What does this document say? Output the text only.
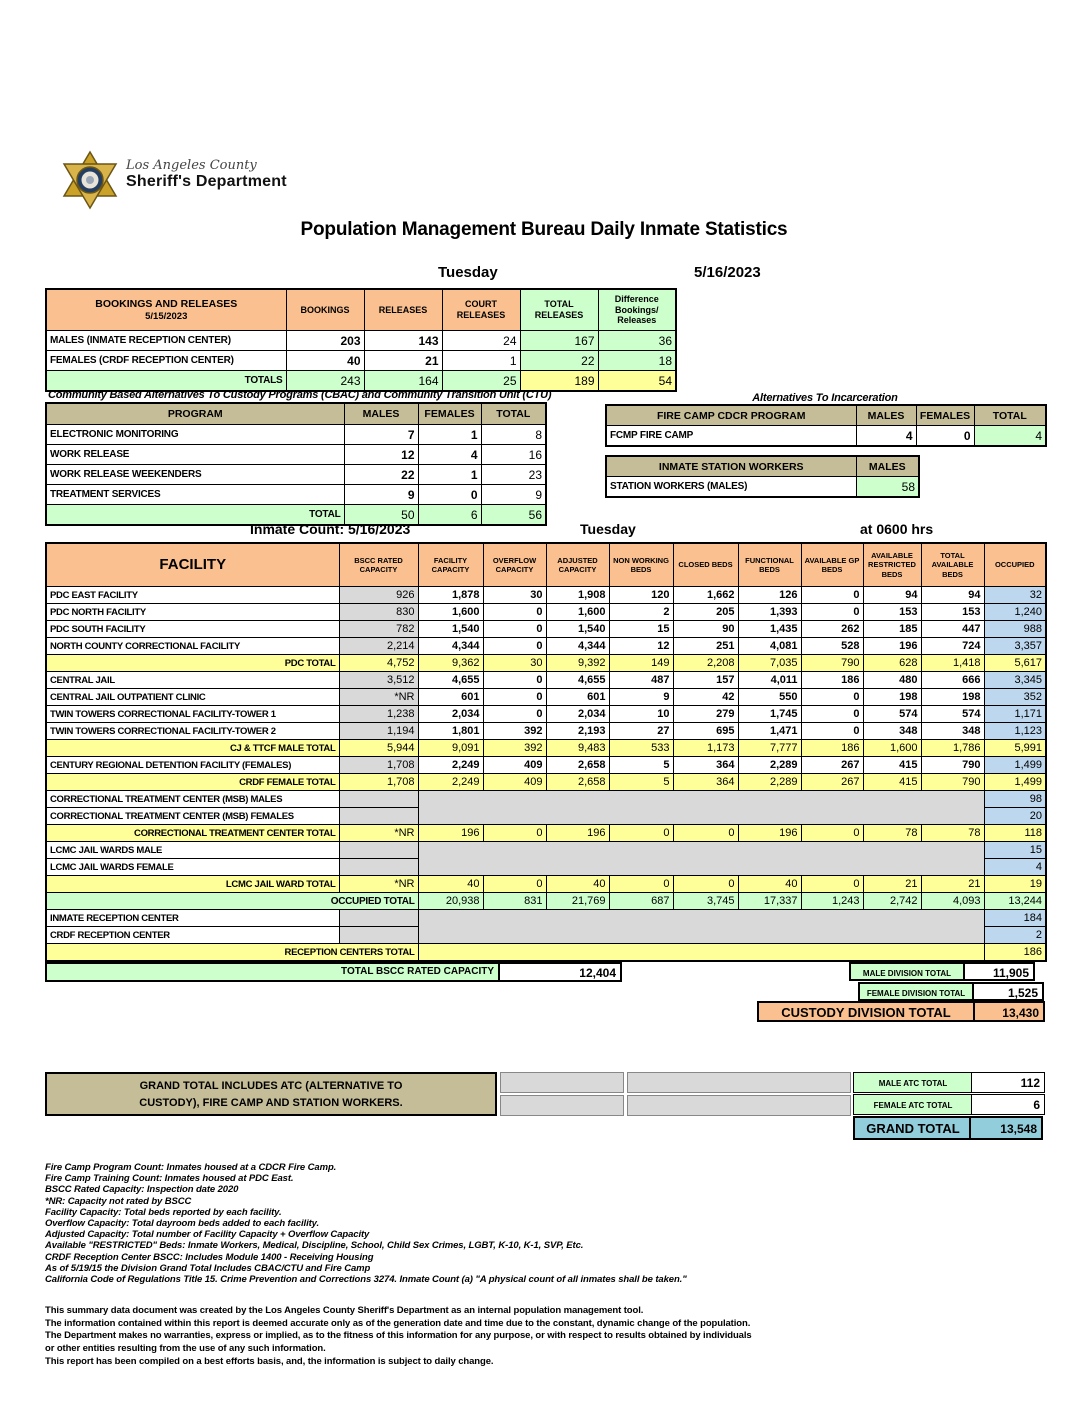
Los Angeles County
Sheriff's Department
Population Management Bureau Daily Inmate Statistics
Tuesday	5/16/2023
BOOKINGS AND RELEASES
5/15/2023	BOOKINGS	RELEASES	COURT RELEASES	TOTAL RELEASES	Difference Bookings/ Releases
MALES (INMATE RECEPTION CENTER)	203	143	24	167	36
FEMALES (CRDF RECEPTION CENTER)	40	21	1	22	18
TOTALS	243	164	25	189	54
Community Based Alternatives To Custody Programs (CBAC) and Community Transition Unit (CTU)
PROGRAM	MALES	FEMALES	TOTAL
ELECTRONIC MONITORING	7	1	8
WORK RELEASE	12	4	16
WORK RELEASE WEEKENDERS	22	1	23
TREATMENT SERVICES	9	0	9
TOTAL	50	6	56
Alternatives To Incarceration
FIRE CAMP CDCR PROGRAM	MALES	FEMALES	TOTAL
FCMP FIRE CAMP	4	0	4
INMATE STATION WORKERS	MALES
STATION WORKERS (MALES)	58
Inmate Count: 5/16/2023	Tuesday	at 0600 hrs
FACILITY	BSCC RATED CAPACITY	FACILITY CAPACITY	OVERFLOW CAPACITY	ADJUSTED CAPACITY	NON WORKING BEDS	CLOSED BEDS	FUNCTIONAL BEDS	AVAILABLE GP BEDS	AVAILABLE RESTRICTED BEDS	TOTAL AVAILABLE BEDS	OCCUPIED
PDC EAST FACILITY	926	1,878	30	1,908	120	1,662	126	0	94	94	32
PDC NORTH FACILITY	830	1,600	0	1,600	2	205	1,393	0	153	153	1,240
PDC SOUTH FACILITY	782	1,540	0	1,540	15	90	1,435	262	185	447	988
NORTH COUNTY CORRECTIONAL FACILITY	2,214	4,344	0	4,344	12	251	4,081	528	196	724	3,357
PDC TOTAL	4,752	9,362	30	9,392	149	2,208	7,035	790	628	1,418	5,617
CENTRAL JAIL	3,512	4,655	0	4,655	487	157	4,011	186	480	666	3,345
CENTRAL JAIL OUTPATIENT CLINIC	*NR	601	0	601	9	42	550	0	198	198	352
TWIN TOWERS CORRECTIONAL FACILITY-TOWER 1	1,238	2,034	0	2,034	10	279	1,745	0	574	574	1,171
TWIN TOWERS CORRECTIONAL FACILITY-TOWER 2	1,194	1,801	392	2,193	27	695	1,471	0	348	348	1,123
CJ & TTCF MALE TOTAL	5,944	9,091	392	9,483	533	1,173	7,777	186	1,600	1,786	5,991
CENTURY REGIONAL DETENTION FACILITY (FEMALES)	1,708	2,249	409	2,658	5	364	2,289	267	415	790	1,499
CRDF FEMALE TOTAL	1,708	2,249	409	2,658	5	364	2,289	267	415	790	1,499
CORRECTIONAL TREATMENT CENTER (MSB) MALES											98
CORRECTIONAL TREATMENT CENTER (MSB) FEMALES											20
CORRECTIONAL TREATMENT CENTER TOTAL	*NR	196	0	196	0	0	196	0	78	78	118
LCMC JAIL WARDS MALE											15
LCMC JAIL WARDS FEMALE											4
LCMC JAIL WARD TOTAL	*NR	40	0	40	0	0	40	0	21	21	19
OCCUPIED TOTAL		20,938	831	21,769	687	3,745	17,337	1,243	2,742	4,093	13,244
INMATE RECEPTION CENTER											184
CRDF RECEPTION CENTER											2
RECEPTION CENTERS TOTAL											186
TOTAL BSCC RATED CAPACITY	12,404	MALE DIVISION TOTAL	11,905
FEMALE DIVISION TOTAL	1,525
CUSTODY DIVISION TOTAL	13,430
GRAND TOTAL INCLUDES ATC (ALTERNATIVE TO
CUSTODY), FIRE CAMP AND STATION WORKERS.
MALE ATC TOTAL	112
FEMALE ATC TOTAL	6
GRAND TOTAL	13,548
Fire Camp Program Count: Inmates housed at a CDCR Fire Camp.
Fire Camp Training Count: Inmates housed at PDC East.
BSCC Rated Capacity: Inspection date 2020
*NR: Capacity not rated by BSCC
Facility Capacity: Total beds reported by each facility.
Overflow Capacity: Total dayroom beds added to each facility.
Adjusted Capacity: Total number of Facility Capacity + Overflow Capacity
Available "RESTRICTED" Beds: Inmate Workers, Medical, Discipline, School, Child Sex Crimes, LGBT, K-10, K-1, SVP, Etc.
CRDF Reception Center BSCC: Includes Module 1400 - Receiving Housing
As of 5/19/15 the Division Grand Total Includes CBAC/CTU and Fire Camp
California Code of Regulations Title 15. Crime Prevention and Corrections 3274. Inmate Count (a) "A physical count of all inmates shall be taken."
This summary data document was created by the Los Angeles County Sheriff's Department as an internal population management tool.
The information contained within this report is deemed accurate only as of the generation date and time due to the constant, dynamic change of the population.
The Department makes no warranties, express or implied, as to the fitness of this information for any purpose, or with respect to results obtained by individuals
or other entities resulting from the use of any such information.
This report has been compiled on a best efforts basis, and, the information is subject to daily change.
